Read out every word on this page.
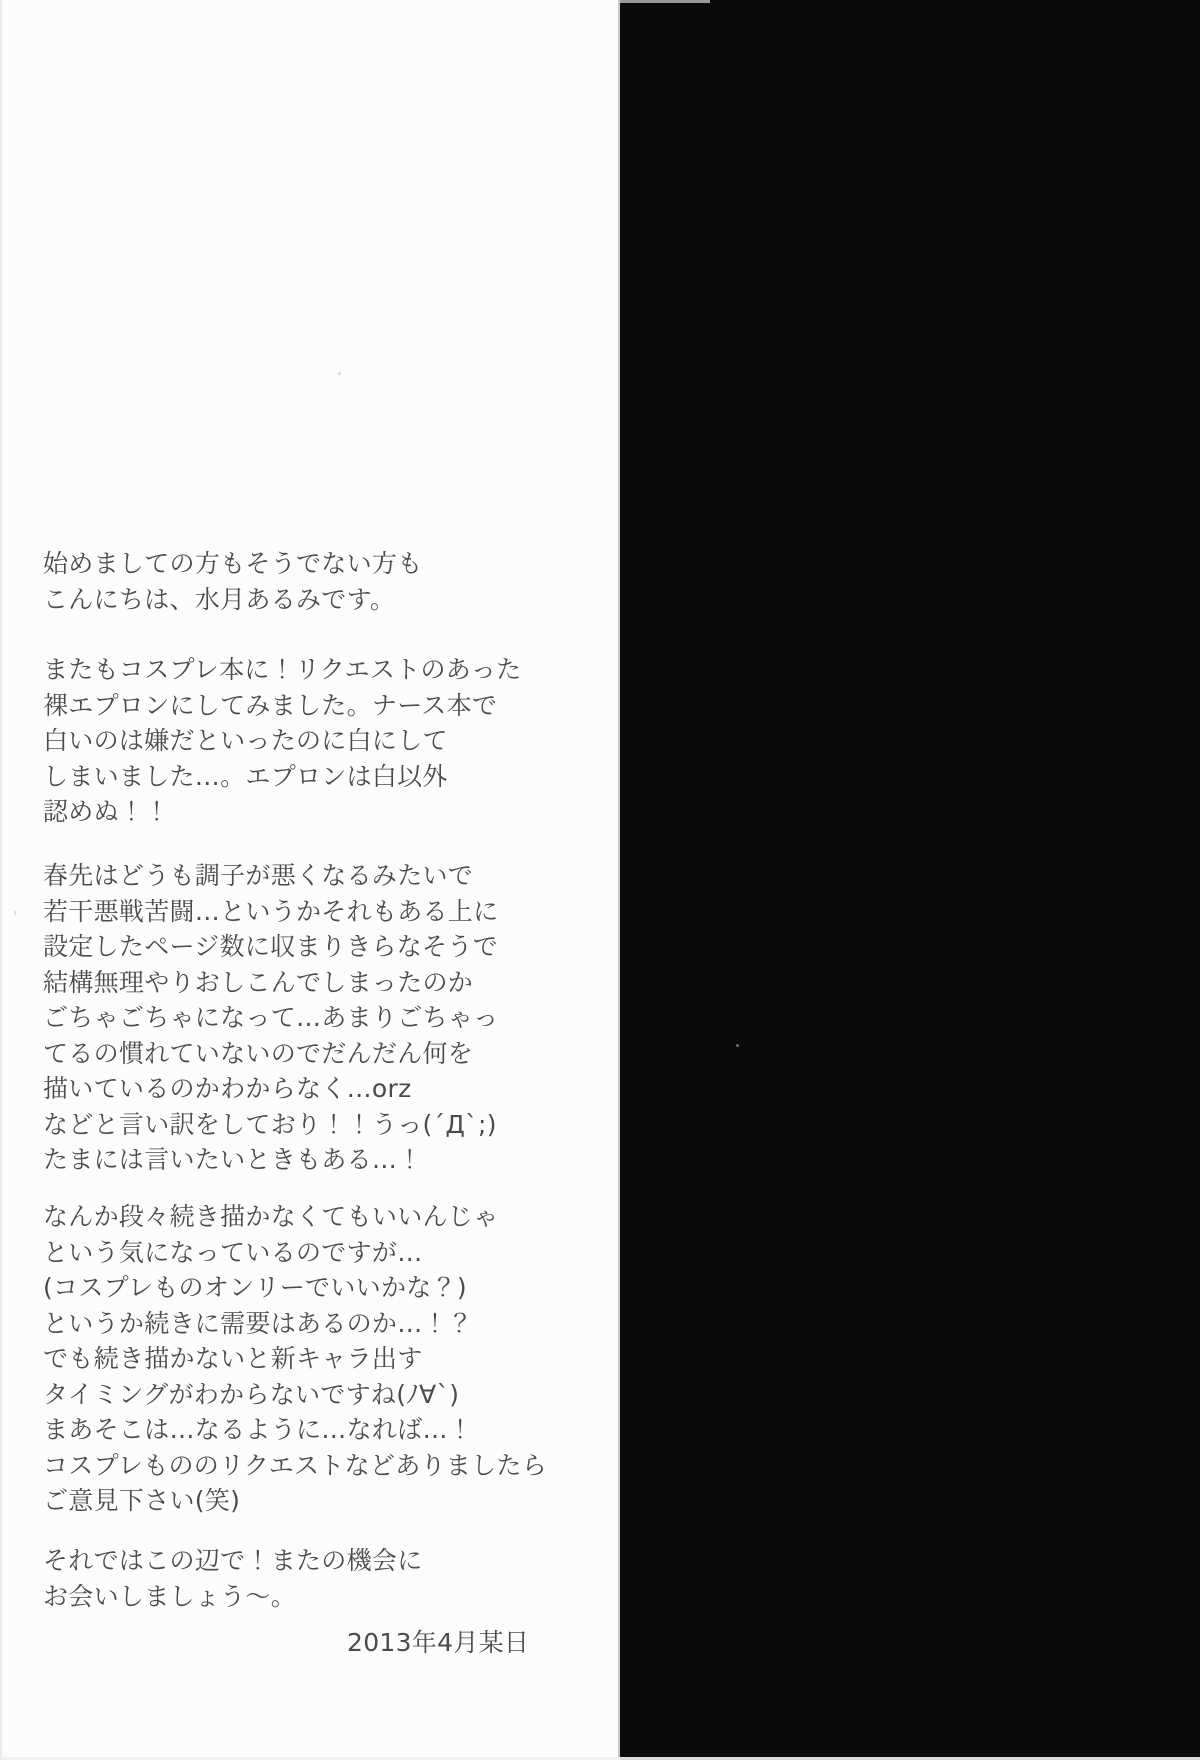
始めましての方もそうでない方も
こんにちは、水月あるみです。
またもコスプレ本に！リクエストのあった
裸エプロンにしてみました。ナース本で
白いのは嫌だといったのに白にして
しまいました…。エプロンは白以外
認めぬ！！
春先はどうも調子が悪くなるみたいで
若干悪戦苦闘…というかそれもある上に
設定したページ数に収まりきらなそうで
結構無理やりおしこんでしまったのか
ごちゃごちゃになって…あまりごちゃっ
てるの慣れていないのでだんだん何を
描いているのかわからなく…orz
などと言い訳をしており！！うっ(´Д`;)
たまには言いたいときもある…！
なんか段々続き描かなくてもいいんじゃ
という気になっているのですが…
(コスプレものオンリーでいいかな？)
というか続きに需要はあるのか…！？
でも続き描かないと新キャラ出す
タイミングがわからないですね(ﾉ∀`)
まあそこは…なるように…なれば…！
コスプレもののリクエストなどありましたら
ご意見下さい(笑)
それではこの辺で！またの機会に
お会いしましょう〜。
2013年4月某日
